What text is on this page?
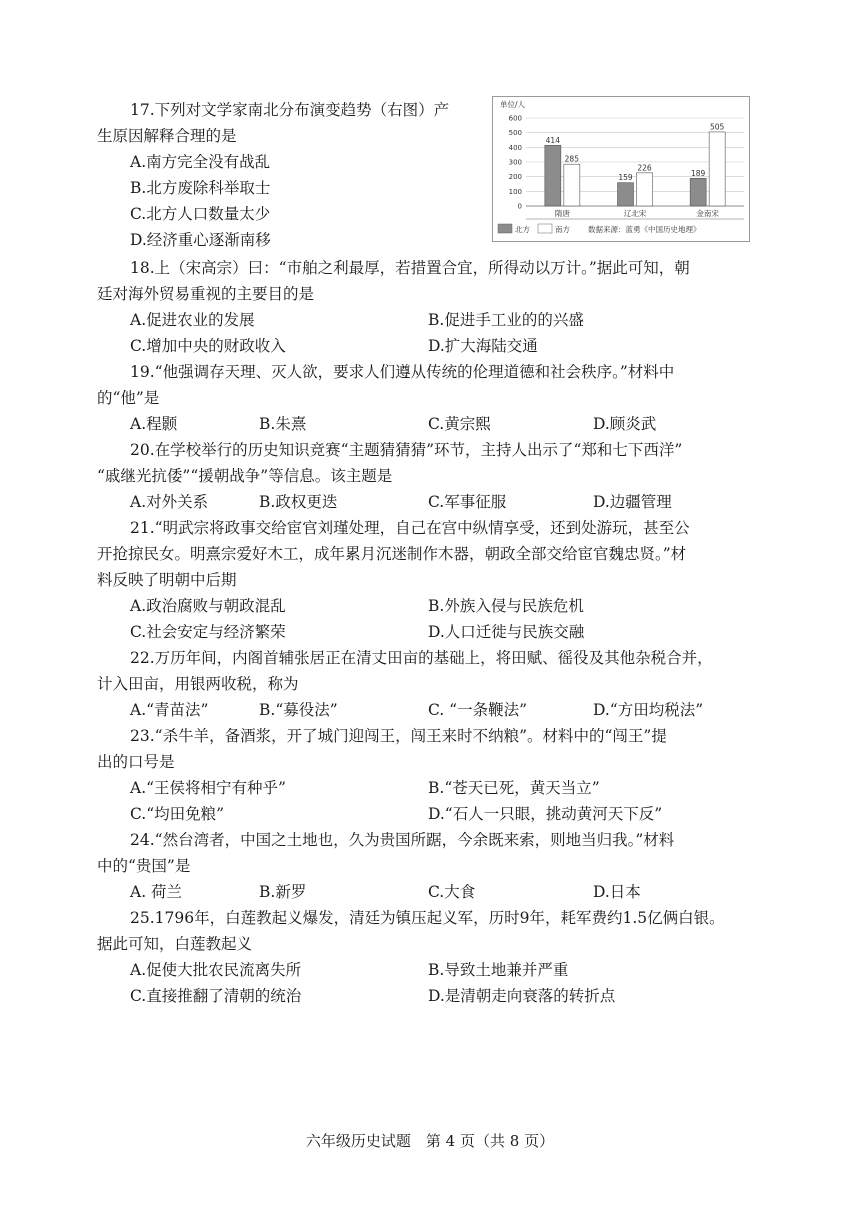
17.下列对文学家南北分布演变趋势（右图）产
生原因解释合理的是
A.南方完全没有战乱
B.北方废除科举取士
C.北方人口数量太少
D.经济重心逐渐南移
单位/人
0
100
200
300
400
500
600
414
285
隋唐
159
226
辽北宋
189
505
金南宋
北方	南方 数据来源：蓝勇《中国历史地理》
18.上（宋高宗）曰：“市舶之利最厚，若措置合宜，所得动以万计。”据此可知，朝
廷对海外贸易重视的主要目的是
A.促进农业的发展	B.促进手工业的的兴盛
C.增加中央的财政收入	D.扩大海陆交通
19.“他强调存天理、灭人欲，要求人们遵从传统的伦理道德和社会秩序。”材料中
的“他”是
A.程颢	B.朱熹	C.黄宗熙	D.顾炎武
20.在学校举行的历史知识竞赛“主题猜猜猜”环节，主持人出示了“郑和七下西洋”
“戚继光抗倭”“援朝战争”等信息。该主题是
A.对外关系	B.政权更迭	C.军事征服	D.边疆管理
21.“明武宗将政事交给宦官刘瑾处理，自己在宫中纵情享受，还到处游玩，甚至公
开抢掠民女。明熹宗爱好木工，成年累月沉迷制作木器，朝政全部交给宦官魏忠贤。”材
料反映了明朝中后期
A.政治腐败与朝政混乱	B.外族入侵与民族危机
C.社会安定与经济繁荣	D.人口迁徙与民族交融
22.万历年间，内阁首辅张居正在清丈田亩的基础上，将田赋、徭役及其他杂税合并，
计入田亩，用银两收税，称为
A.“青苗法”	B.“募役法”	C. “一条鞭法”	D.“方田均税法”
23.“杀牛羊，备酒浆，开了城门迎闯王，闯王来时不纳粮”。材料中的“闯王”提
出的口号是
A.“王侯将相宁有种乎”	B.“苍天已死，黄天当立”
C.“均田免粮”	D.“石人一只眼，挑动黄河天下反”
24.“然台湾者，中国之土地也，久为贵国所踞，今余既来索，则地当归我。”材料
中的“贵国”是
A. 荷兰	B.新罗	C.大食	D.日本
25.1796年，白莲教起义爆发，清廷为镇压起义军，历时9年，耗军费约1.5亿俩白银。
据此可知，白莲教起义
A.促使大批农民流离失所	B.导致土地兼并严重
C.直接推翻了清朝的统治	D.是清朝走向衰落的转折点
六年级历史试题　第 4 页（共 8 页）
